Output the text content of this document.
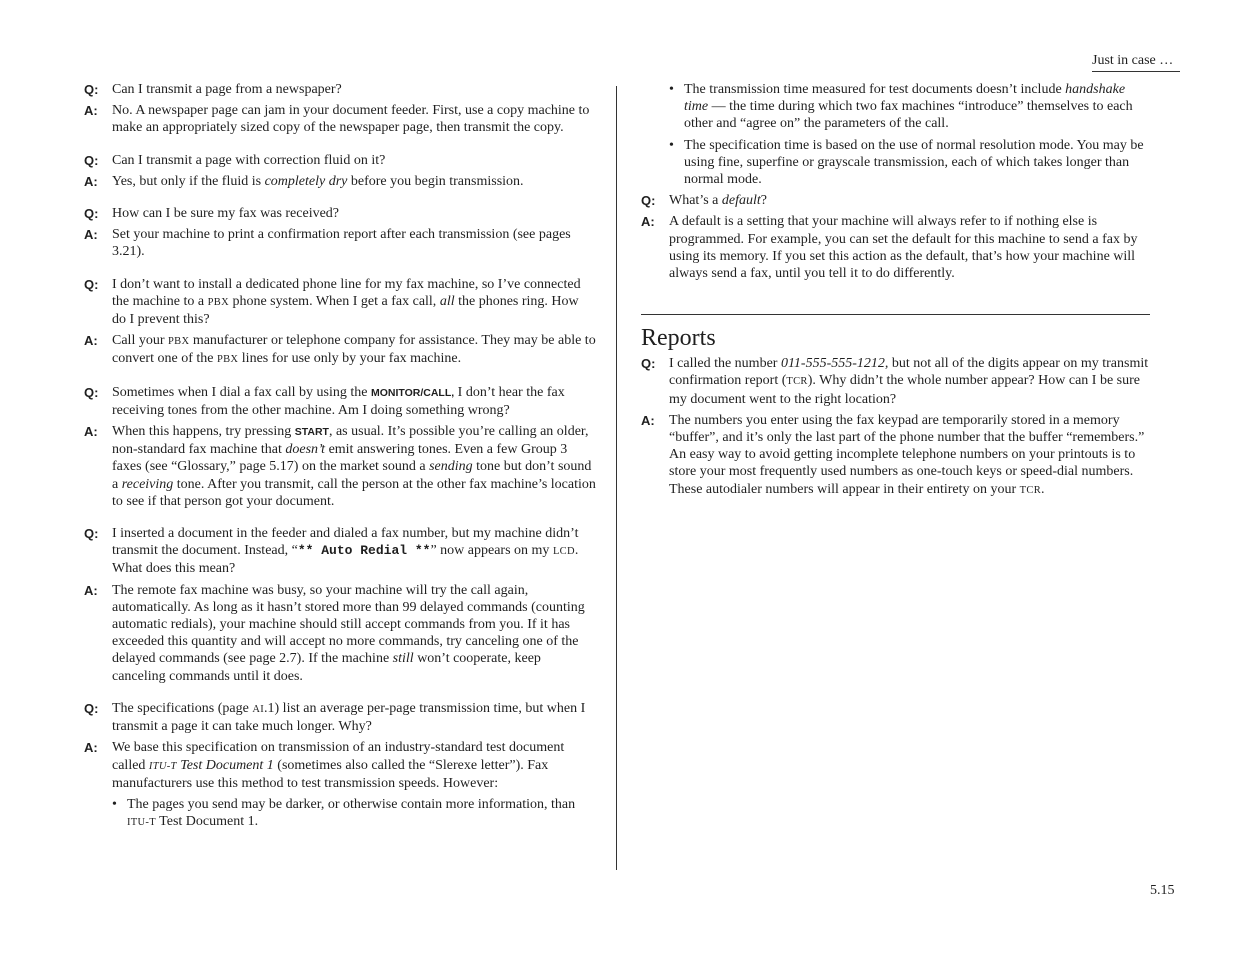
Just in case …
Q: Can I transmit a page from a newspaper?
A:	No. A newspaper page can jam in your document feeder. First, use a copy machine to make an appropriately sized copy of the newspaper page, then transmit the copy.
Q: Can I transmit a page with correction fluid on it?
A:	Yes, but only if the fluid is completely dry before you begin transmission.
Q: How can I be sure my fax was received?
A:	Set your machine to print a confirmation report after each transmission (see pages 3.21).
Q: I don’t want to install a dedicated phone line for my fax machine, so I’ve connected the machine to a PBX phone system. When I get a fax call, all the phones ring. How do I prevent this?
A:	Call your PBX manufacturer or telephone company for assistance. They may be able to convert one of the PBX lines for use only by your fax machine.
Q: Sometimes when I dial a fax call by using the MONITOR/CALL, I don’t hear the fax receiving tones from the other machine. Am I doing something wrong?
A:	When this happens, try pressing START, as usual. It’s possible you’re calling an older, non-standard fax machine that doesn’t emit answering tones. Even a few Group 3 faxes (see “Glossary,” page 5.17) on the market sound a sending tone but don’t sound a receiving tone. After you transmit, call the person at the other fax machine’s location to see if that person got your document.
Q: I inserted a document in the feeder and dialed a fax number, but my machine didn’t transmit the document. Instead, “** Auto Redial **” now appears on my LCD. What does this mean?
A:	The remote fax machine was busy, so your machine will try the call again, automatically. As long as it hasn’t stored more than 99 delayed commands (counting automatic redials), your machine should still accept commands from you. If it has exceeded this quantity and will accept no more commands, try canceling one of the delayed commands (see page 2.7). If the machine still won’t cooperate, keep canceling commands until it does.
Q: The specifications (page AI.1) list an average per-page transmission time, but when I transmit a page it can take much longer. Why?
A:	We base this specification on transmission of an industry-standard test document called ITU-T Test Document 1 (sometimes also called the “Slerexe letter”). Fax manufacturers use this method to test transmission speeds. However:
• The pages you send may be darker, or otherwise contain more information, than ITU-T Test Document 1.
• The transmission time measured for test documents doesn’t include handshake time — the time during which two fax machines “introduce” themselves to each other and “agree on” the parameters of the call.
• The specification time is based on the use of normal resolution mode. You may be using fine, superfine or grayscale transmission, each of which takes longer than normal mode.
Q: What’s a default?
A:	A default is a setting that your machine will always refer to if nothing else is programmed. For example, you can set the default for this machine to send a fax by using its memory. If you set this action as the default, that’s how your machine will always send a fax, until you tell it to do differently.
Reports
Q: I called the number 011-555-555-1212, but not all of the digits appear on my transmit confirmation report (TCR). Why didn’t the whole number appear? How can I be sure my document went to the right location?
A:	The numbers you enter using the fax keypad are temporarily stored in a memory “buffer”, and it’s only the last part of the phone number that the buffer “remembers.” An easy way to avoid getting incomplete telephone numbers on your printouts is to store your most frequently used numbers as one-touch keys or speed-dial numbers. These autodialer numbers will appear in their entirety on your TCR.
5.15
